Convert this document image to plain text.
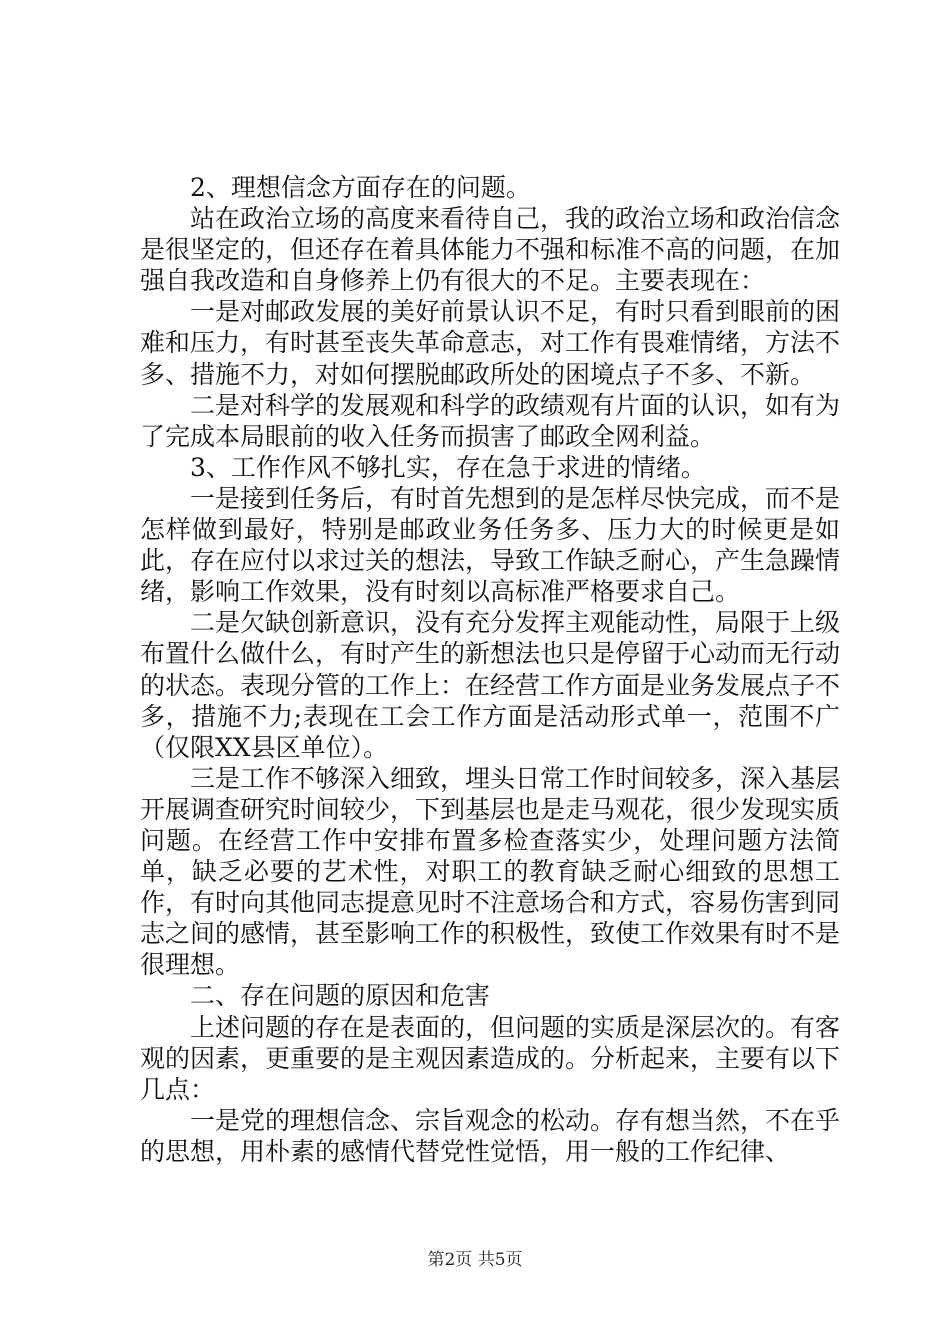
2、理想信念方面存在的问题。

站在政治立场的高度来看待自己，我的政治立场和政治信念是很坚定的，但还存在着具体能力不强和标准不高的问题，在加强自我改造和自身修养上仍有很大的不足。主要表现在：

一是对邮政发展的美好前景认识不足，有时只看到眼前的困难和压力，有时甚至丧失革命意志，对工作有畏难情绪，方法不多、措施不力，对如何摆脱邮政所处的困境点子不多、不新。

二是对科学的发展观和科学的政绩观有片面的认识，如有为了完成本局眼前的收入任务而损害了邮政全网利益。

3、工作作风不够扎实，存在急于求进的情绪。

一是接到任务后，有时首先想到的是怎样尽快完成，而不是怎样做到最好，特别是邮政业务任务多、压力大的时候更是如此，存在应付以求过关的想法，导致工作缺乏耐心，产生急躁情绪，影响工作效果，没有时刻以高标准严格要求自己。

二是欠缺创新意识，没有充分发挥主观能动性，局限于上级布置什么做什么，有时产生的新想法也只是停留于心动而无行动的状态。表现分管的工作上：在经营工作方面是业务发展点子不多，措施不力;表现在工会工作方面是活动形式单一，范围不广（仅限XX县区单位）。

三是工作不够深入细致，埋头日常工作时间较多，深入基层开展调查研究时间较少，下到基层也是走马观花，很少发现实质问题。在经营工作中安排布置多检查落实少，处理问题方法简单，缺乏必要的艺术性，对职工的教育缺乏耐心细致的思想工作，有时向其他同志提意见时不注意场合和方式，容易伤害到同志之间的感情，甚至影响工作的积极性，致使工作效果有时不是很理想。

二、存在问题的原因和危害

上述问题的存在是表面的，但问题的实质是深层次的。有客观的因素，更重要的是主观因素造成的。分析起来，主要有以下几点：

一是党的理想信念、宗旨观念的松动。存有想当然，不在乎的思想，用朴素的感情代替党性觉悟，用一般的工作纪律、

第2页 共5页
